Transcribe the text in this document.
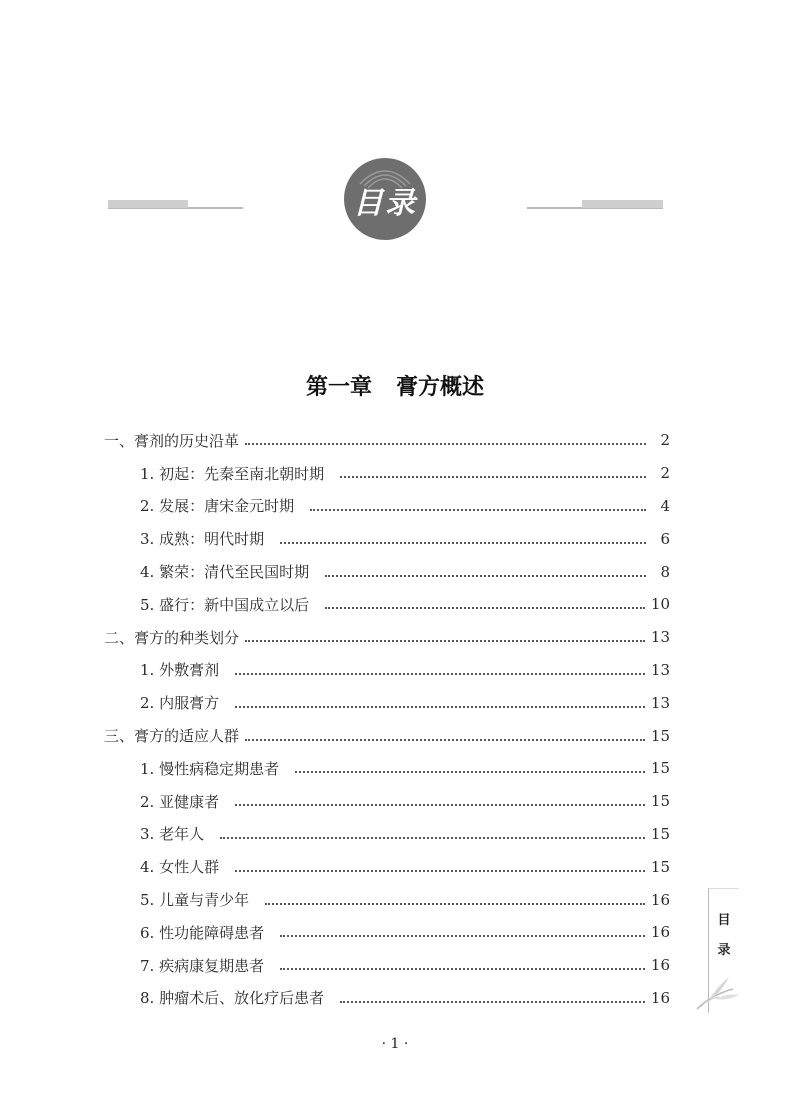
目录
第一章 膏方概述
一、膏剂的历史沿革	2
1. 初起：先秦至南北朝时期	2
2. 发展：唐宋金元时期	4
3. 成熟：明代时期	6
4. 繁荣：清代至民国时期	8
5. 盛行：新中国成立以后	10
二、膏方的种类划分	13
1. 外敷膏剂	13
2. 内服膏方	13
三、膏方的适应人群	15
1. 慢性病稳定期患者	15
2. 亚健康者	15
3. 老年人	15
4. 女性人群	15
5. 儿童与青少年	16
6. 性功能障碍患者	16
7. 疾病康复期患者	16
8. 肿瘤术后、放化疗后患者	16
目
录
· 1 ·
